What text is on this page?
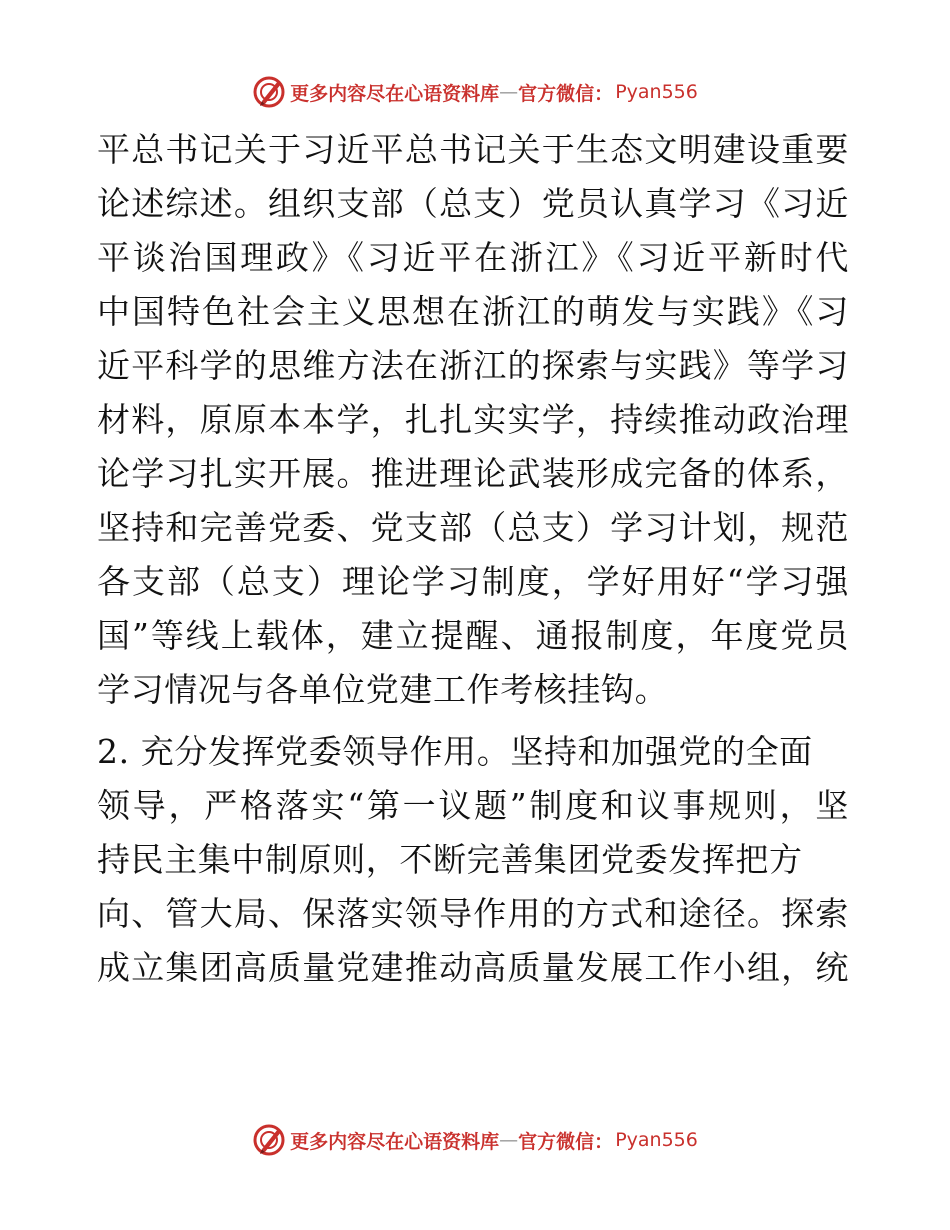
更多内容尽在心语资料库 — 官方微信： Pyan556
平总书记关于习近平总书记关于生态文明建设重要
论述综述。组织支部（总支）党员认真学习《习近
平谈治国理政》《习近平在浙江》《习近平新时代
中国特色社会主义思想在浙江的萌发与实践》《习
近平科学的思维方法在浙江的探索与实践》等学习
材料，原原本本学，扎扎实实学，持续推动政治理
论学习扎实开展。推进理论武装形成完备的体系，
坚持和完善党委、党支部（总支）学习计划，规范
各支部（总支）理论学习制度，学好用好“学习强
国”等线上载体，建立提醒、通报制度，年度党员
学习情况与各单位党建工作考核挂钩。
2. 充分发挥党委领导作用。坚持和加强党的全面
领导，严格落实“第一议题”制度和议事规则，坚
持民主集中制原则，不断完善集团党委发挥把方
向、管大局、保落实领导作用的方式和途径。探索
成立集团高质量党建推动高质量发展工作小组，统
更多内容尽在心语资料库 — 官方微信： Pyan556
